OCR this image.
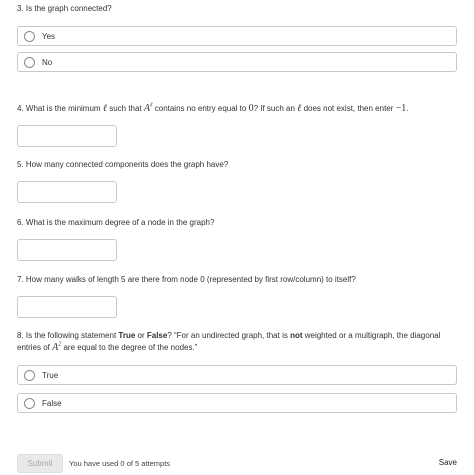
3. Is the graph connected?
Yes
No
4. What is the minimum ℓ such that $A^\ell$ contains no entry equal to 0? If such an ℓ does not exist, then enter −1.
5. How many connected components does the graph have?
6. What is the maximum degree of a node in the graph?
7. How many walks of length 5 are there from node 0 (represented by first row/column) to itself?
8. Is the following statement True or False? “For an undirected graph, that is not weighted or a multigraph, the diagonal
entries of $A^2$ are equal to the degree of the nodes.”
True
False
Submit	You have used 0 of 5 attempts	Save
